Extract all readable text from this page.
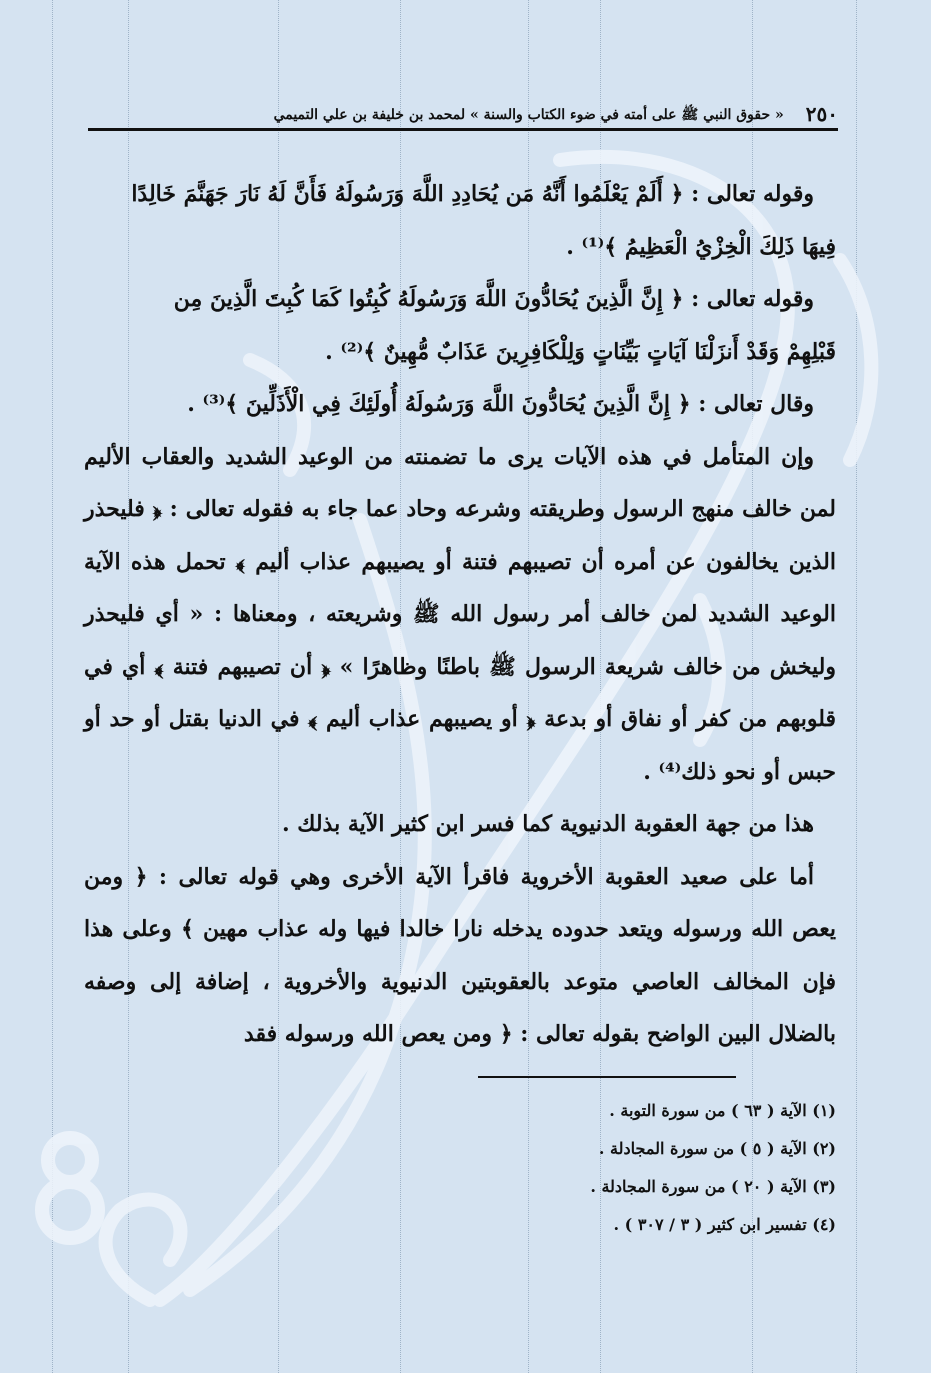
٢٥٠
« حقوق النبي ﷺ على أمته في ضوء الكتاب والسنة » لمحمد بن خليفة بن علي التميمي

وقوله تعالى : ﴿ أَلَمْ يَعْلَمُوا أَنَّهُ مَن يُحَادِدِ اللَّهَ وَرَسُولَهُ فَأَنَّ لَهُ نَارَ جَهَنَّمَ خَالِدًا

فِيهَا ذَلِكَ الْخِزْيُ الْعَظِيمُ ﴾⁽¹⁾ .

وقوله تعالى : ﴿ إِنَّ الَّذِينَ يُحَادُّونَ اللَّهَ وَرَسُولَهُ كُبِتُوا كَمَا كُبِتَ الَّذِينَ مِن

قَبْلِهِمْ وَقَدْ أَنزَلْنَا آيَاتٍ بَيِّنَاتٍ وَلِلْكَافِرِينَ عَذَابٌ مُّهِينٌ ﴾⁽²⁾ .

وقال تعالى : ﴿ إِنَّ الَّذِينَ يُحَادُّونَ اللَّهَ وَرَسُولَهُ أُولَئِكَ فِي الْأَذَلِّينَ ﴾⁽³⁾ .

وإن المتأمل في هذه الآيات يرى ما تضمنته من الوعيد الشديد والعقاب الأليم لمن خالف منهج الرسول وطريقته وشرعه وحاد عما جاء به فقوله تعالى : ﴿ فليحذر الذين يخالفون عن أمره أن تصيبهم فتنة أو يصيبهم عذاب أليم ﴾ تحمل هذه الآية الوعيد الشديد لمن خالف أمر رسول الله ﷺ وشريعته ، ومعناها : « أي فليحذر وليخش من خالف شريعة الرسول ﷺ باطنًا وظاهرًا » ﴿ أن تصيبهم فتنة ﴾ أي في قلوبهم من كفر أو نفاق أو بدعة ﴿ أو يصيبهم عذاب أليم ﴾ في الدنيا بقتل أو حد أو حبس أو نحو ذلك⁽⁴⁾ .

هذا من جهة العقوبة الدنيوية كما فسر ابن كثير الآية بذلك .

أما على صعيد العقوبة الأخروية فاقرأ الآية الأخرى وهي قوله تعالى : ﴿ ومن يعص الله ورسوله ويتعد حدوده يدخله نارا خالدا فيها وله عذاب مهين ﴾ وعلى هذا فإن المخالف العاصي متوعد بالعقوبتين الدنيوية والأخروية ، إضافة إلى وصفه بالضلال البين الواضح بقوله تعالى : ﴿ ومن يعص الله ورسوله فقد

(١) الآية ( ٦٣ ) من سورة التوبة .
(٢) الآية ( ٥ ) من سورة المجادلة .
(٣) الآية ( ٢٠ ) من سورة المجادلة .
(٤) تفسير ابن كثير ( ٣ / ٣٠٧ ) .
